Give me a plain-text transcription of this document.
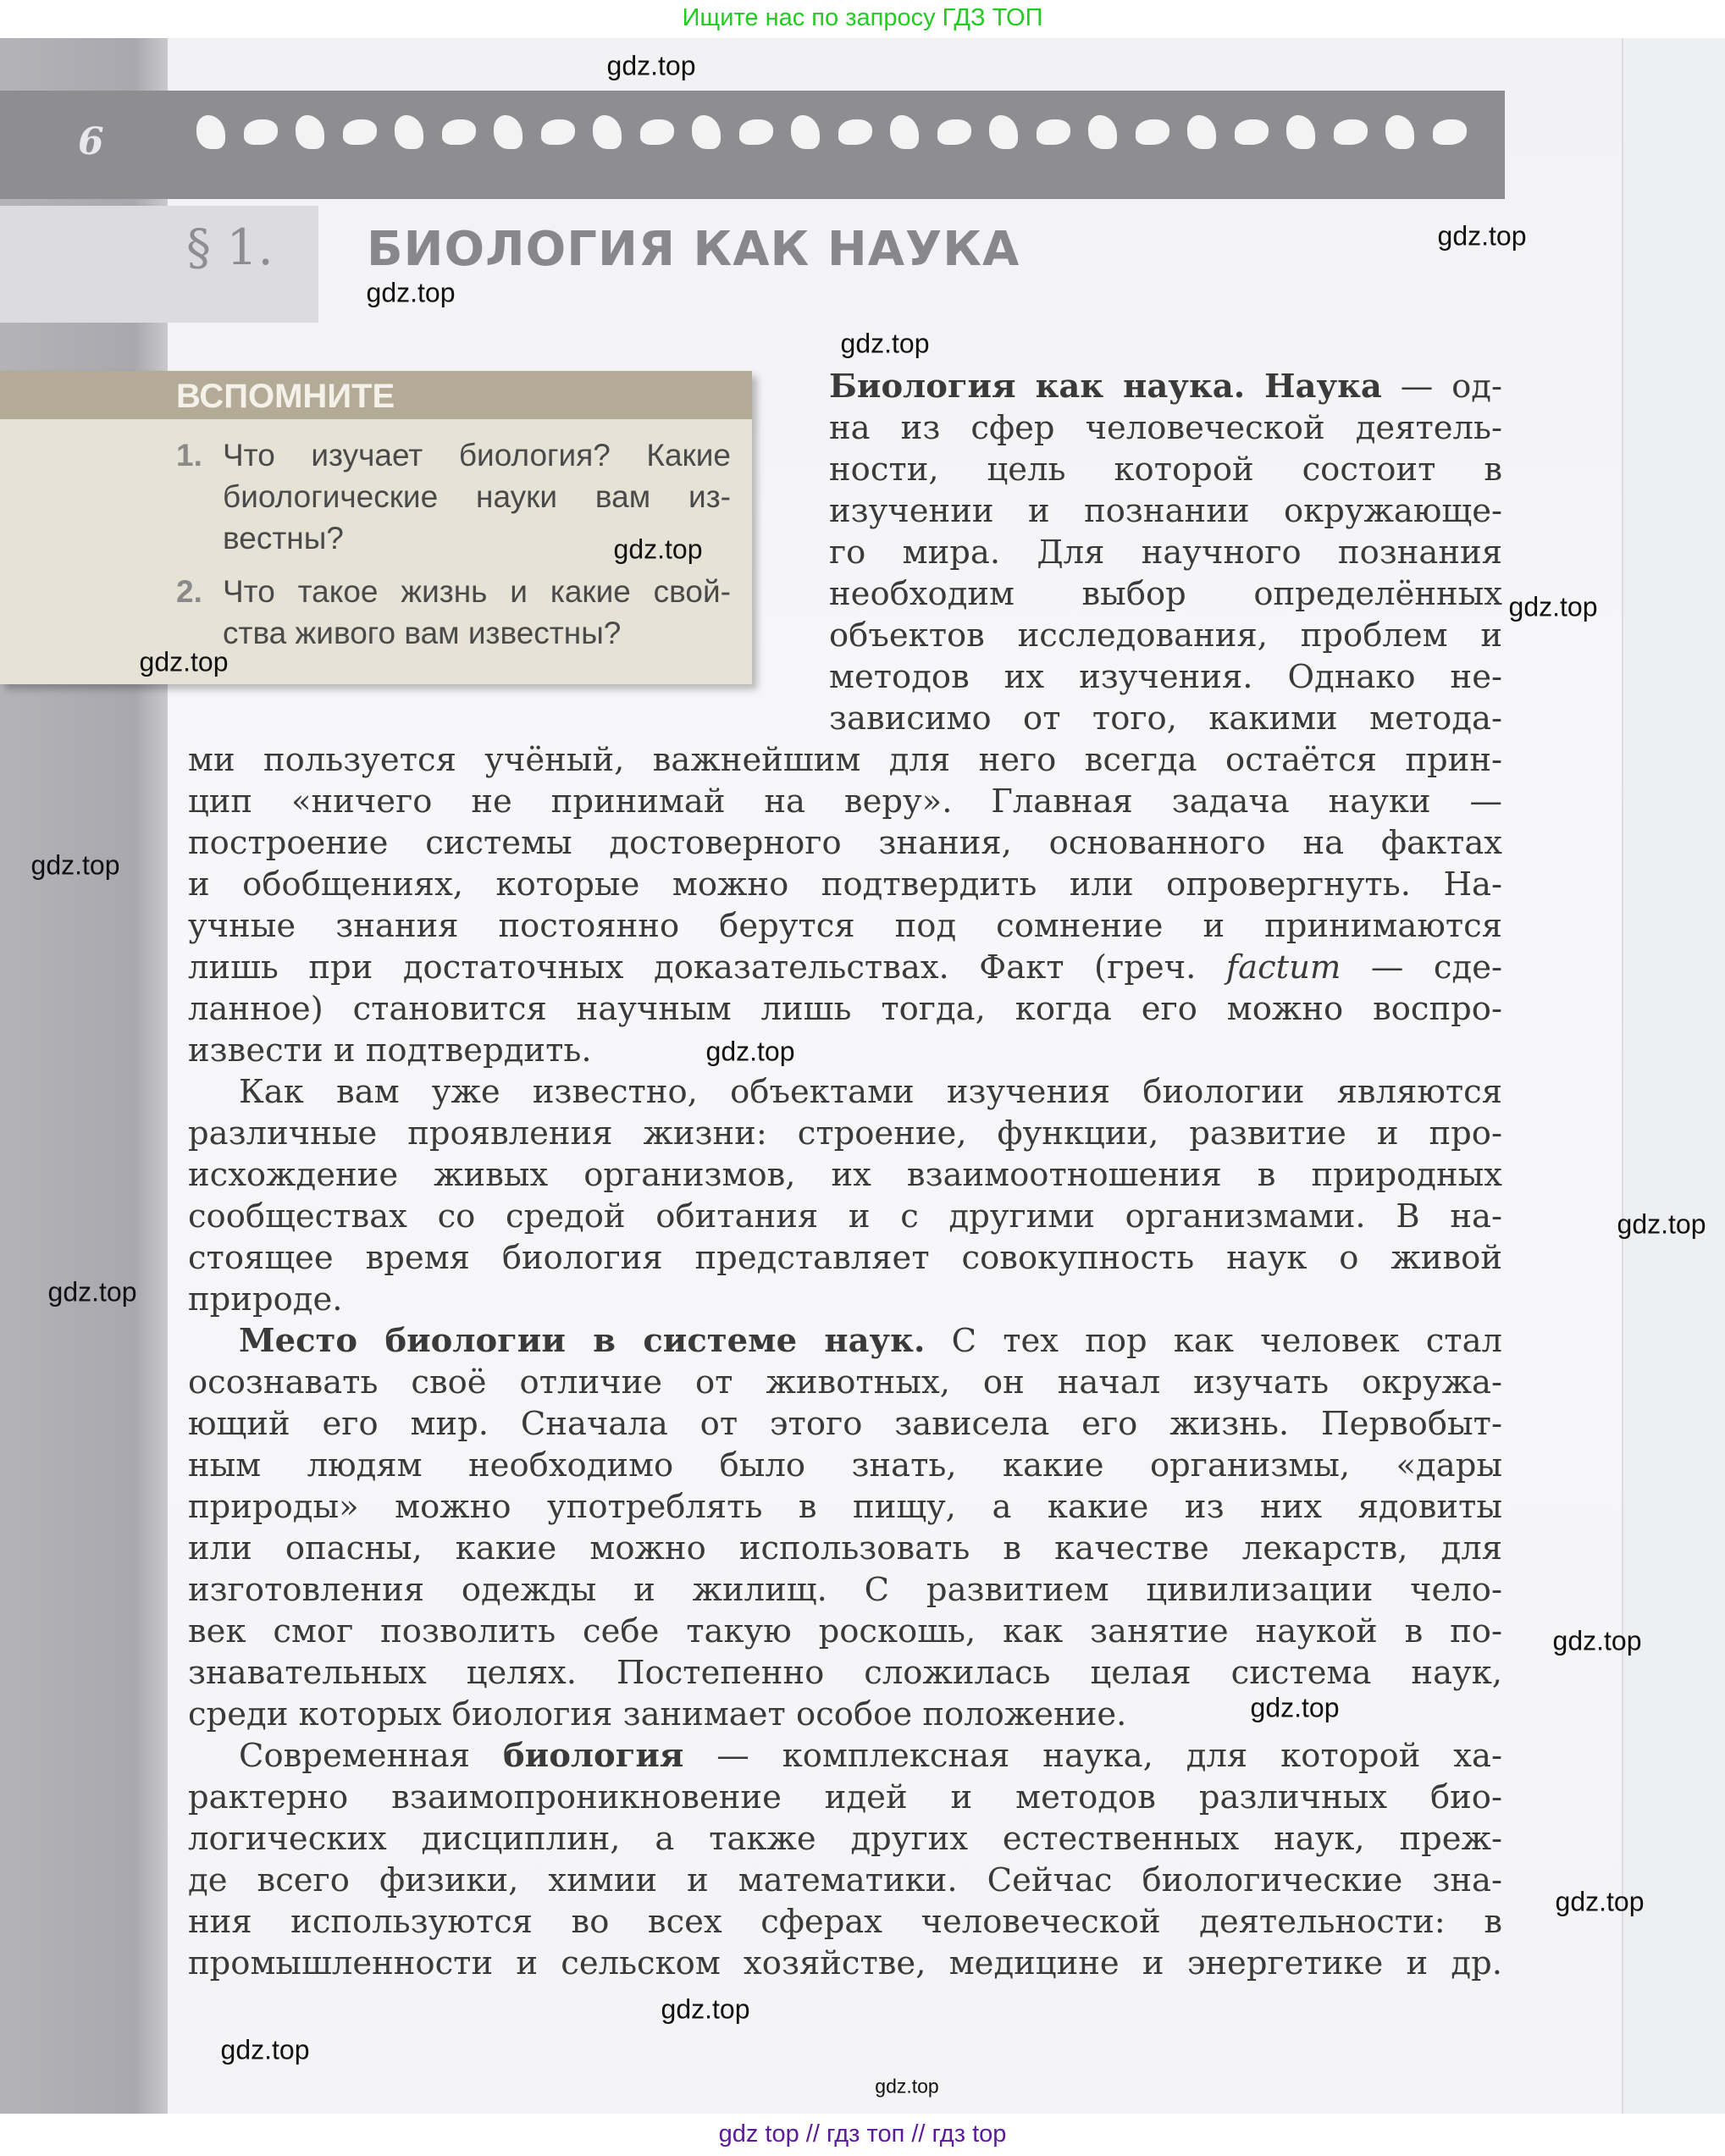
Ищите нас по запросу ГДЗ ТОП
6
§ 1. БИОЛОГИЯ КАК НАУКА
ВСПОМНИТЕ
1. Что изучает биология? Какие
биологические науки вам из-
вестны?
2. Что такое жизнь и какие свой-
ства живого вам известны?
Биология как наука. Наука — од-
на из сфер человеческой деятель-
ности, цель которой состоит в
изучении и познании окружающе-
го мира. Для научного познания
необходим выбор определённых
объектов исследования, проблем и
методов их изучения. Однако не-
зависимо от того, какими метода-
ми пользуется учёный, важнейшим для него всегда остаётся прин-
цип «ничего не принимай на веру». Главная задача науки —
построение системы достоверного знания, основанного на фактах
и обобщениях, которые можно подтвердить или опровергнуть. На-
учные знания постоянно берутся под сомнение и принимаются
лишь при достаточных доказательствах. Факт (греч. factum — сде-
ланное) становится научным лишь тогда, когда его можно воспро-
извести и подтвердить.
Как вам уже известно, объектами изучения биологии являются
различные проявления жизни: строение, функции, развитие и про-
исхождение живых организмов, их взаимоотношения в природных
сообществах со средой обитания и с другими организмами. В на-
стоящее время биология представляет совокупность наук о живой
природе.
Место биологии в системе наук. С тех пор как человек стал
осознавать своё отличие от животных, он начал изучать окружа-
ющий его мир. Сначала от этого зависела его жизнь. Первобыт-
ным людям необходимо было знать, какие организмы, «дары
природы» можно употреблять в пищу, а какие из них ядовиты
или опасны, какие можно использовать в качестве лекарств, для
изготовления одежды и жилищ. С развитием цивилизации чело-
век смог позволить себе такую роскошь, как занятие наукой в по-
знавательных целях. Постепенно сложилась целая система наук,
среди которых биология занимает особое положение.
Современная биология — комплексная наука, для которой ха-
рактерно взаимопроникновение идей и методов различных био-
логических дисциплин, а также других естественных наук, преж-
де всего физики, химии и математики. Сейчас биологические зна-
ния используются во всех сферах человеческой деятельности: в
промышленности и сельском хозяйстве, медицине и энергетике и др.
gdz.top
gdz.top
gdz.top
gdz.top
gdz.top
gdz.top
gdz.top
gdz.top
gdz.top
gdz.top
gdz.top
gdz.top
gdz.top
gdz.top
gdz.top
gdz.top
gdz.top
gdz top // гдз топ // гдз top
